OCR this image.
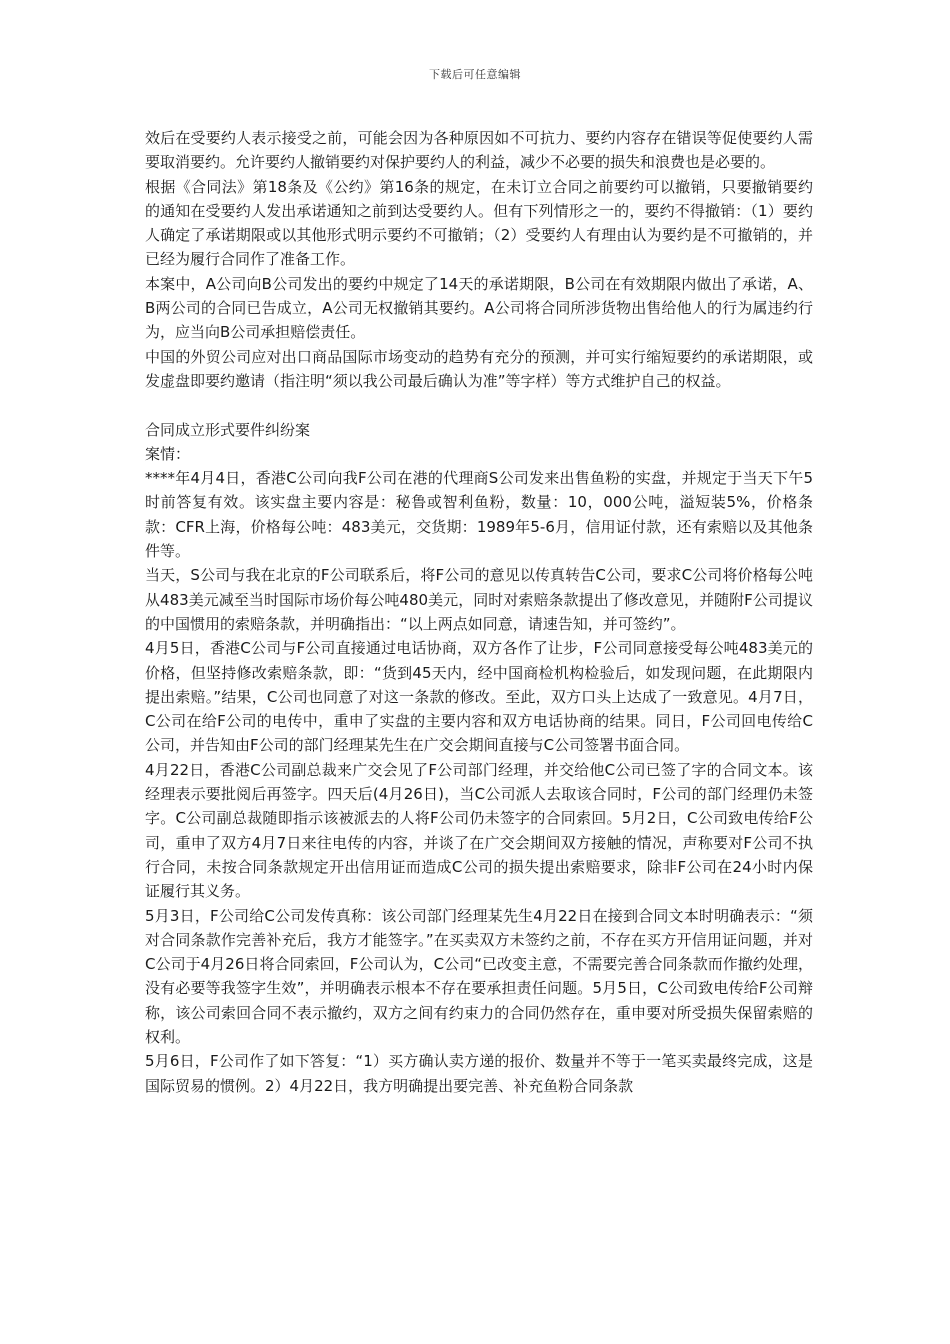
下载后可任意编辑

效后在受要约人表示接受之前，可能会因为各种原因如不可抗力、要约内容存在错误等促使要约人需要取消要约。允许要约人撤销要约对保护要约人的利益，减少不必要的损失和浪费也是必要的。

根据《合同法》第18条及《公约》第16条的规定，在未订立合同之前要约可以撤销，只要撤销要约的通知在受要约人发出承诺通知之前到达受要约人。但有下列情形之一的，要约不得撤销：（1）要约人确定了承诺期限或以其他形式明示要约不可撤销；（2）受要约人有理由认为要约是不可撤销的，并已经为履行合同作了准备工作。

本案中，A公司向B公司发出的要约中规定了14天的承诺期限，B公司在有效期限内做出了承诺，A、B两公司的合同已告成立，A公司无权撤销其要约。A公司将合同所涉货物出售给他人的行为属违约行为，应当向B公司承担赔偿责任。

中国的外贸公司应对出口商品国际市场变动的趋势有充分的预测，并可实行缩短要约的承诺期限，或发虚盘即要约邀请（指注明“须以我公司最后确认为准”等字样）等方式维护自己的权益。

合同成立形式要件纠纷案

案情：

****年4月4日，香港C公司向我F公司在港的代理商S公司发来出售鱼粉的实盘，并规定于当天下午5时前答复有效。该实盘主要内容是：秘鲁或智利鱼粉，数量：10，000公吨，溢短装5%，价格条款：CFR上海，价格每公吨：483美元，交货期：1989年5-6月，信用证付款，还有索赔以及其他条件等。

当天，S公司与我在北京的F公司联系后，将F公司的意见以传真转告C公司，要求C公司将价格每公吨从483美元减至当时国际市场价每公吨480美元，同时对索赔条款提出了修改意见，并随附F公司提议的中国惯用的索赔条款，并明确指出：“以上两点如同意，请速告知，并可签约”。

4月5日，香港C公司与F公司直接通过电话协商，双方各作了让步，F公司同意接受每公吨483美元的价格，但坚持修改索赔条款，即：“货到45天内，经中国商检机构检验后，如发现问题，在此期限内提出索赔。”结果，C公司也同意了对这一条款的修改。至此，双方口头上达成了一致意见。4月7日，C公司在给F公司的电传中，重申了实盘的主要内容和双方电话协商的结果。同日，F公司回电传给C公司，并告知由F公司的部门经理某先生在广交会期间直接与C公司签署书面合同。

4月22日，香港C公司副总裁来广交会见了F公司部门经理，并交给他C公司已签了字的合同文本。该经理表示要批阅后再签字。四天后(4月26日)，当C公司派人去取该合同时，F公司的部门经理仍未签字。C公司副总裁随即指示该被派去的人将F公司仍未签字的合同索回。5月2日，C公司致电传给F公司，重申了双方4月7日来往电传的内容，并谈了在广交会期间双方接触的情况，声称要对F公司不执行合同，未按合同条款规定开出信用证而造成C公司的损失提出索赔要求，除非F公司在24小时内保证履行其义务。

5月3日，F公司给C公司发传真称：该公司部门经理某先生4月22日在接到合同文本时明确表示：“须对合同条款作完善补充后，我方才能签字。”在买卖双方未签约之前，不存在买方开信用证问题，并对C公司于4月26日将合同索回，F公司认为，C公司“已改变主意，不需要完善合同条款而作撤约处理，没有必要等我签字生效”，并明确表示根本不存在要承担责任问题。5月5日，C公司致电传给F公司辩称，该公司索回合同不表示撤约，双方之间有约束力的合同仍然存在，重申要对所受损失保留索赔的权利。

5月6日，F公司作了如下答复：“1）买方确认卖方递的报价、数量并不等于一笔买卖最终完成，这是国际贸易的惯例。2）4月22日，我方明确提出要完善、补充鱼粉合同条款
